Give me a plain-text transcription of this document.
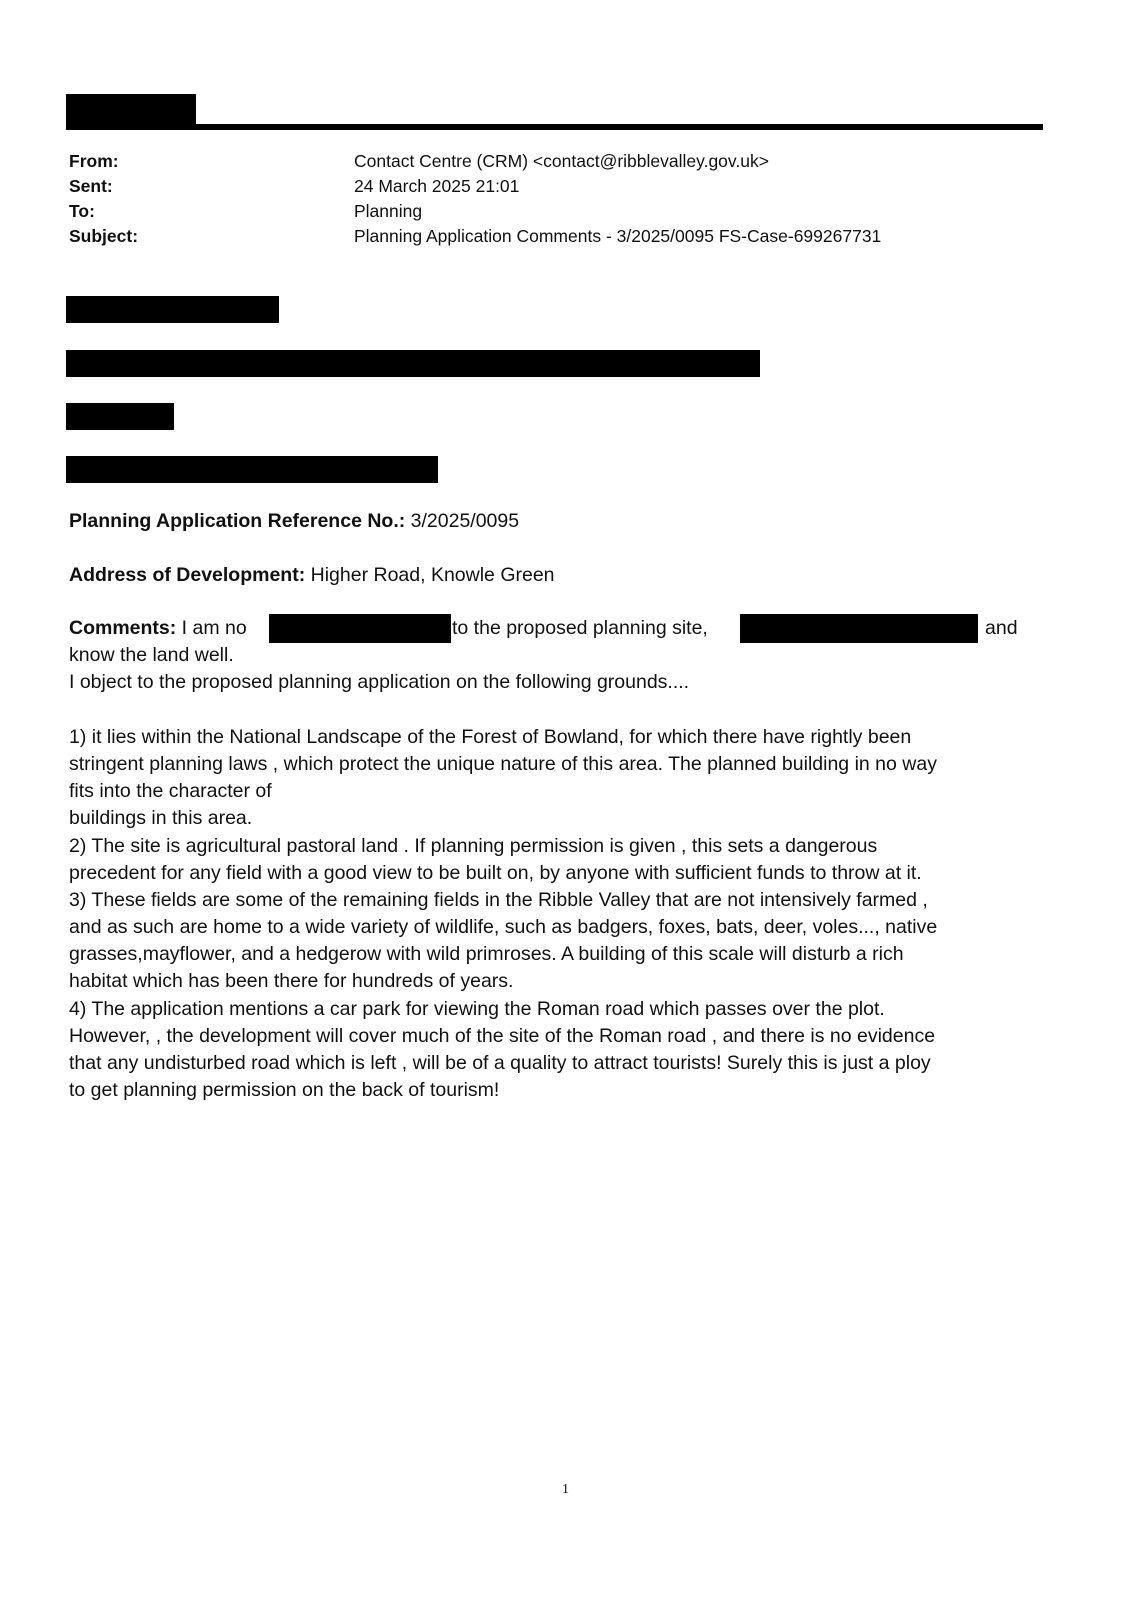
From:	Contact Centre (CRM) <contact@ribblevalley.gov.uk>
Sent:	24 March 2025 21:01
To:	Planning
Subject:	Planning Application Comments - 3/2025/0095 FS-Case-699267731
Planning Application Reference No.: 3/2025/0095
Address of Development: Higher Road, Knowle Green
Comments: I am no
know the land well.
I object to the proposed planning application on the following grounds....
1) it lies within the National Landscape of the Forest of Bowland, for which there have rightly been
stringent planning laws , which protect the unique nature of this area. The planned building in no way
fits into the character of
buildings in this area.
2) The site is agricultural pastoral land . If planning permission is given , this sets a dangerous
precedent for any field with a good view to be built on, by anyone with sufficient funds to throw at it.
3) These fields are some of the remaining fields in the Ribble Valley that are not intensively farmed ,
and as such are home to a wide variety of wildlife, such as badgers, foxes, bats, deer, voles..., native
grasses,mayflower, and a hedgerow with wild primroses. A building of this scale will disturb a rich
habitat which has been there for hundreds of years.
4) The application mentions a car park for viewing the Roman road which passes over the plot.
However, , the development will cover much of the site of the Roman road , and there is no evidence
that any undisturbed road which is left , will be of a quality to attract tourists! Surely this is just a ploy
to get planning permission on the back of tourism!
to the proposed planning site,	and
1
